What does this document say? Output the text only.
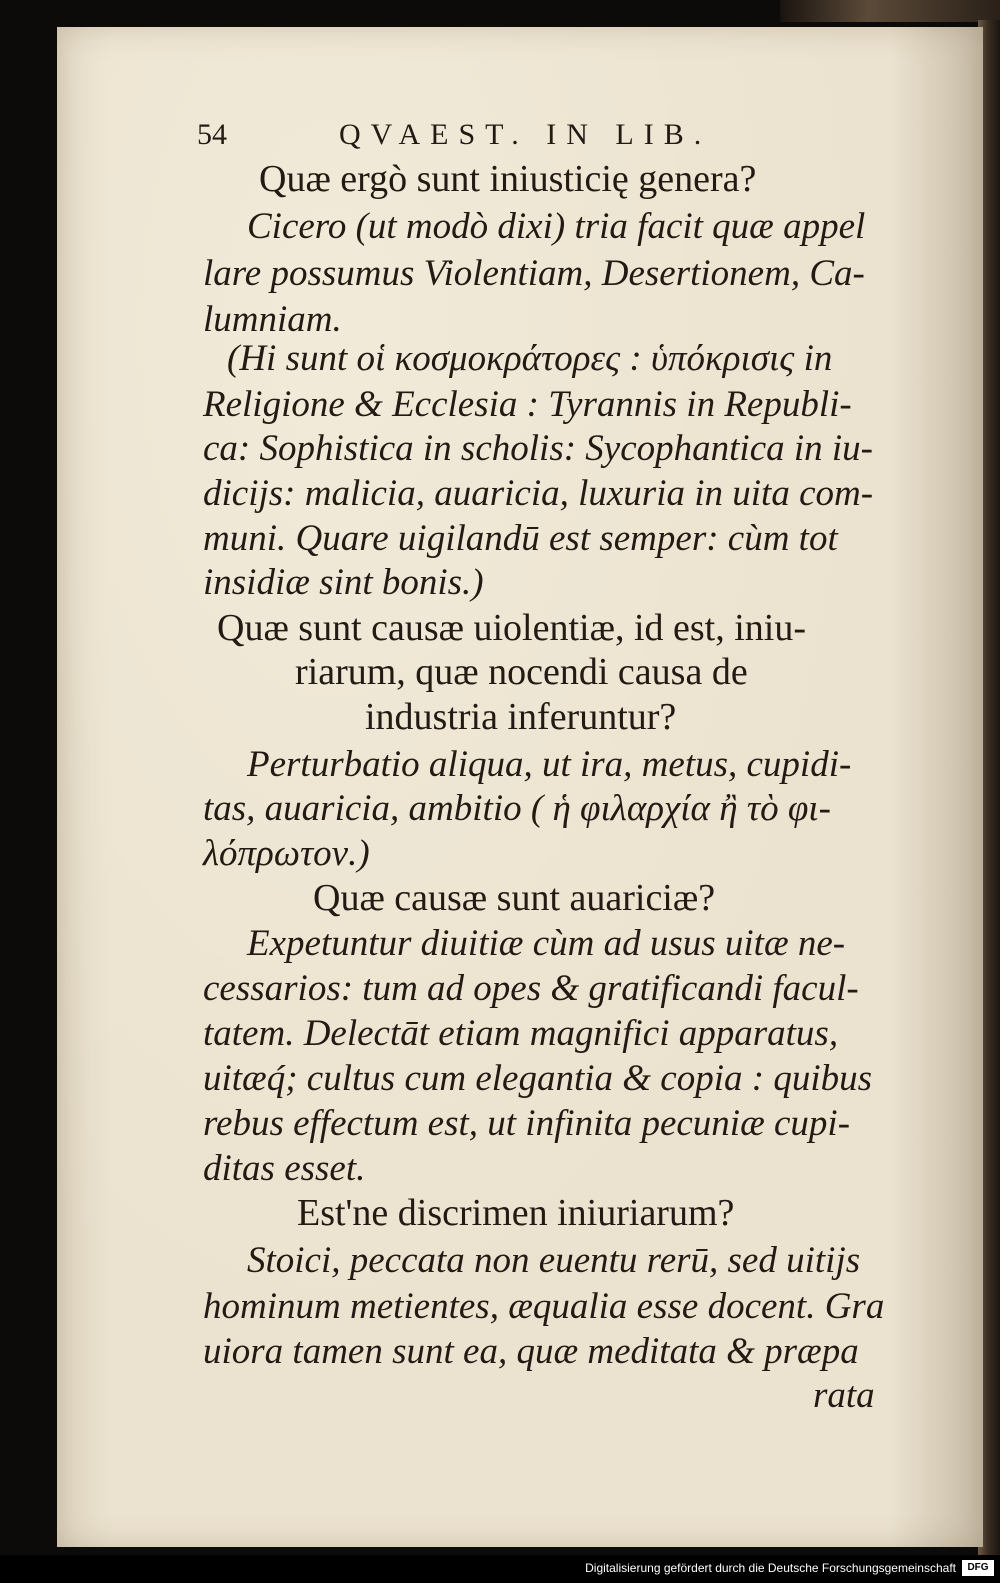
54	QVAEST. IN LIB.

Quæ ergò sunt iniusticię genera?

Cicero (ut modò dixi) tria facit quæ appel

lare possumus Violentiam, Desertionem, Ca-

lumniam.

(Hi sunt οἱ κοσμοκράτορες : ὑπόκρισις in

Religione & Ecclesia : Tyrannis in Republi-

ca: Sophistica in scholis: Sycophantica in iu-

dicijs: malicia, auaricia, luxuria in uita com-

muni. Quare uigilandū est semper: cùm tot

insidiæ sint bonis.)

Quæ sunt causæ uiolentiæ, id est, iniu-

riarum, quæ nocendi causa de

industria inferuntur?

Perturbatio aliqua, ut ira, metus, cupidi-

tas, auaricia, ambitio ( ἡ φιλαρχία ἢ τὸ φι-

λόπρωτον.)

Quæ causæ sunt auariciæ?

Expetuntur diuitiæ cùm ad usus uitæ ne-

cessarios: tum ad opes & gratificandi facul-

tatem. Delectāt etiam magnifici apparatus,

uitæq́; cultus cum elegantia & copia : quibus

rebus effectum est, ut infinita pecuniæ cupi-

ditas esset.

Est'ne discrimen iniuriarum?

Stoici, peccata non euentu rerū, sed uitijs

hominum metientes, æqualia esse docent. Gra

uiora tamen sunt ea, quæ meditata & præpa

rata

Digitalisierung gefördert durch die Deutsche Forschungsgemeinschaft	DFG
